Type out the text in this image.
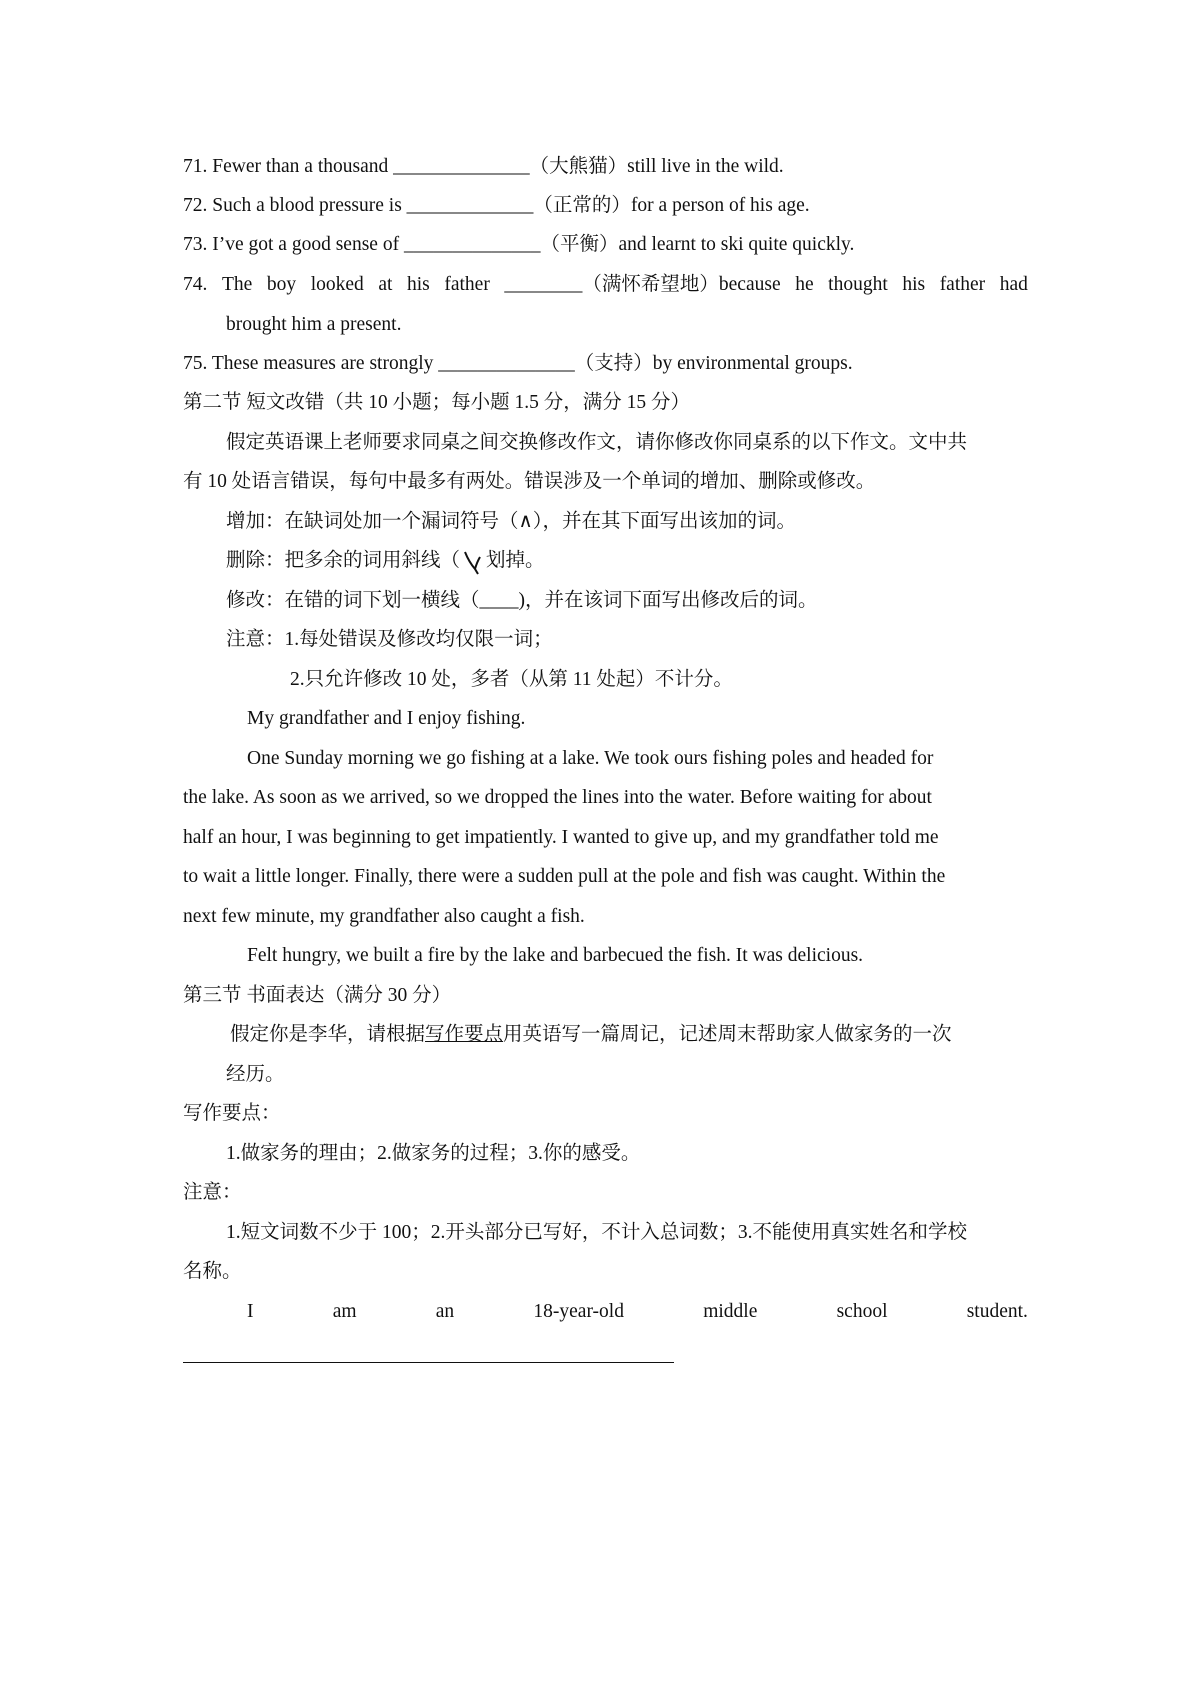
71. Fewer than a thousand ______________（大熊猫）still live in the wild.
72. Such a blood pressure is _____________（正常的）for a person of his age.
73. I’ve got a good sense of ______________（平衡）and learnt to ski quite quickly.
74. The boy looked at his father ________（满怀希望地）because he thought his father had
brought him a present.
75. These measures are strongly ______________（支持）by environmental groups.
第二节 短文改错（共 10 小题；每小题 1.5 分，满分 15 分）
假定英语课上老师要求同桌之间交换修改作文，请你修改你同桌系的以下作文。文中共
有 10 处语言错误，每句中最多有两处。错误涉及一个单词的增加、删除或修改。
增加：在缺词处加一个漏词符号（∧），并在其下面写出该加的词。
删除：把多余的词用斜线（ 划掉。
修改：在错的词下划一横线（____)，并在该词下面写出修改后的词。
注意：1.每处错误及修改均仅限一词；
2.只允许修改 10 处，多者（从第 11 处起）不计分。
My grandfather and I enjoy fishing.
One Sunday morning we go fishing at a lake. We took ours fishing poles and headed for
the lake. As soon as we arrived, so we dropped the lines into the water. Before waiting for about
half an hour, I was beginning to get impatiently. I wanted to give up, and my grandfather told me
to wait a little longer. Finally, there were a sudden pull at the pole and fish was caught. Within the
next few minute, my grandfather also caught a fish.
Felt hungry, we built a fire by the lake and barbecued the fish. It was delicious.
第三节 书面表达（满分 30 分）
假定你是李华，请根据写作要点用英语写一篇周记，记述周末帮助家人做家务的一次
经历。
写作要点：
1.做家务的理由；2.做家务的过程；3.你的感受。
注意：
1.短文词数不少于 100；2.开头部分已写好，不计入总词数；3.不能使用真实姓名和学校
名称。
I	am	an	18-year-old	middle	school	student.
